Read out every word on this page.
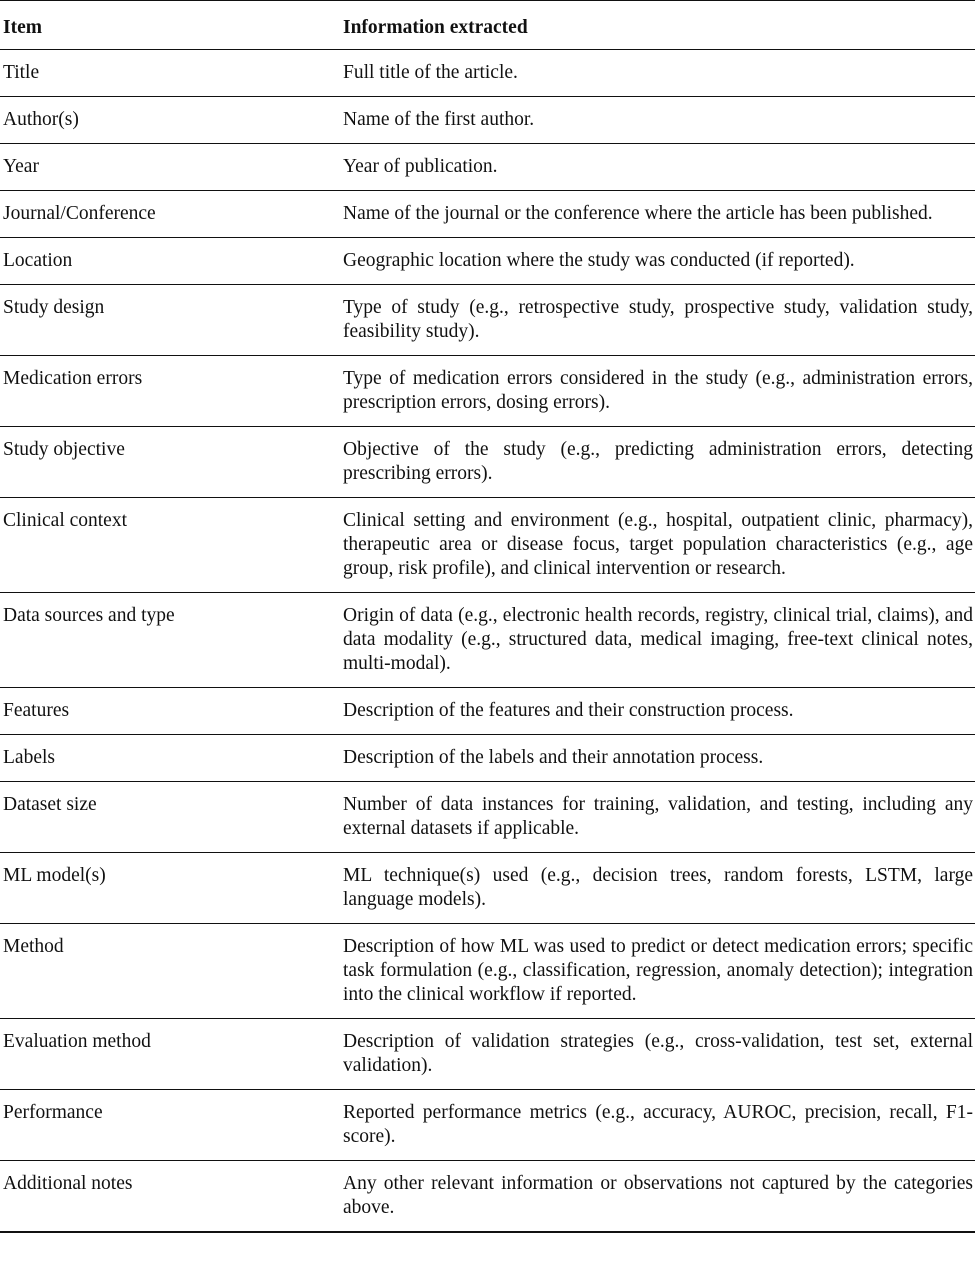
Item	Information extracted
Title	Full title of the article.
Author(s)	Name of the first author.
Year	Year of publication.
Journal/Conference	Name of the journal or the conference where the article has been published.
Location	Geographic location where the study was conducted (if reported).
Study design	Type of study (e.g., retrospective study, prospective study, validation study, feasibility study).
Medication errors	Type of medication errors considered in the study (e.g., administration errors, prescription errors, dosing errors).
Study objective	Objective of the study (e.g., predicting administration errors, detecting prescribing errors).
Clinical context	Clinical setting and environment (e.g., hospital, outpatient clinic, pharmacy), therapeutic area or disease focus, target population characteristics (e.g., age group, risk profile), and clinical intervention or research.
Data sources and type	Origin of data (e.g., electronic health records, registry, clinical trial, claims), and data modality (e.g., structured data, medical imaging, free-text clinical notes, multi-modal).
Features	Description of the features and their construction process.
Labels	Description of the labels and their annotation process.
Dataset size	Number of data instances for training, validation, and testing, including any external datasets if applicable.
ML model(s)	ML technique(s) used (e.g., decision trees, random forests, LSTM, large language models).
Method	Description of how ML was used to predict or detect medication errors; specific task formulation (e.g., classification, regression, anomaly detection); integration into the clinical workflow if reported.
Evaluation method	Description of validation strategies (e.g., cross-validation, test set, external validation).
Performance	Reported performance metrics (e.g., accuracy, AUROC, precision, recall, F1-score).
Additional notes	Any other relevant information or observations not captured by the categories above.
